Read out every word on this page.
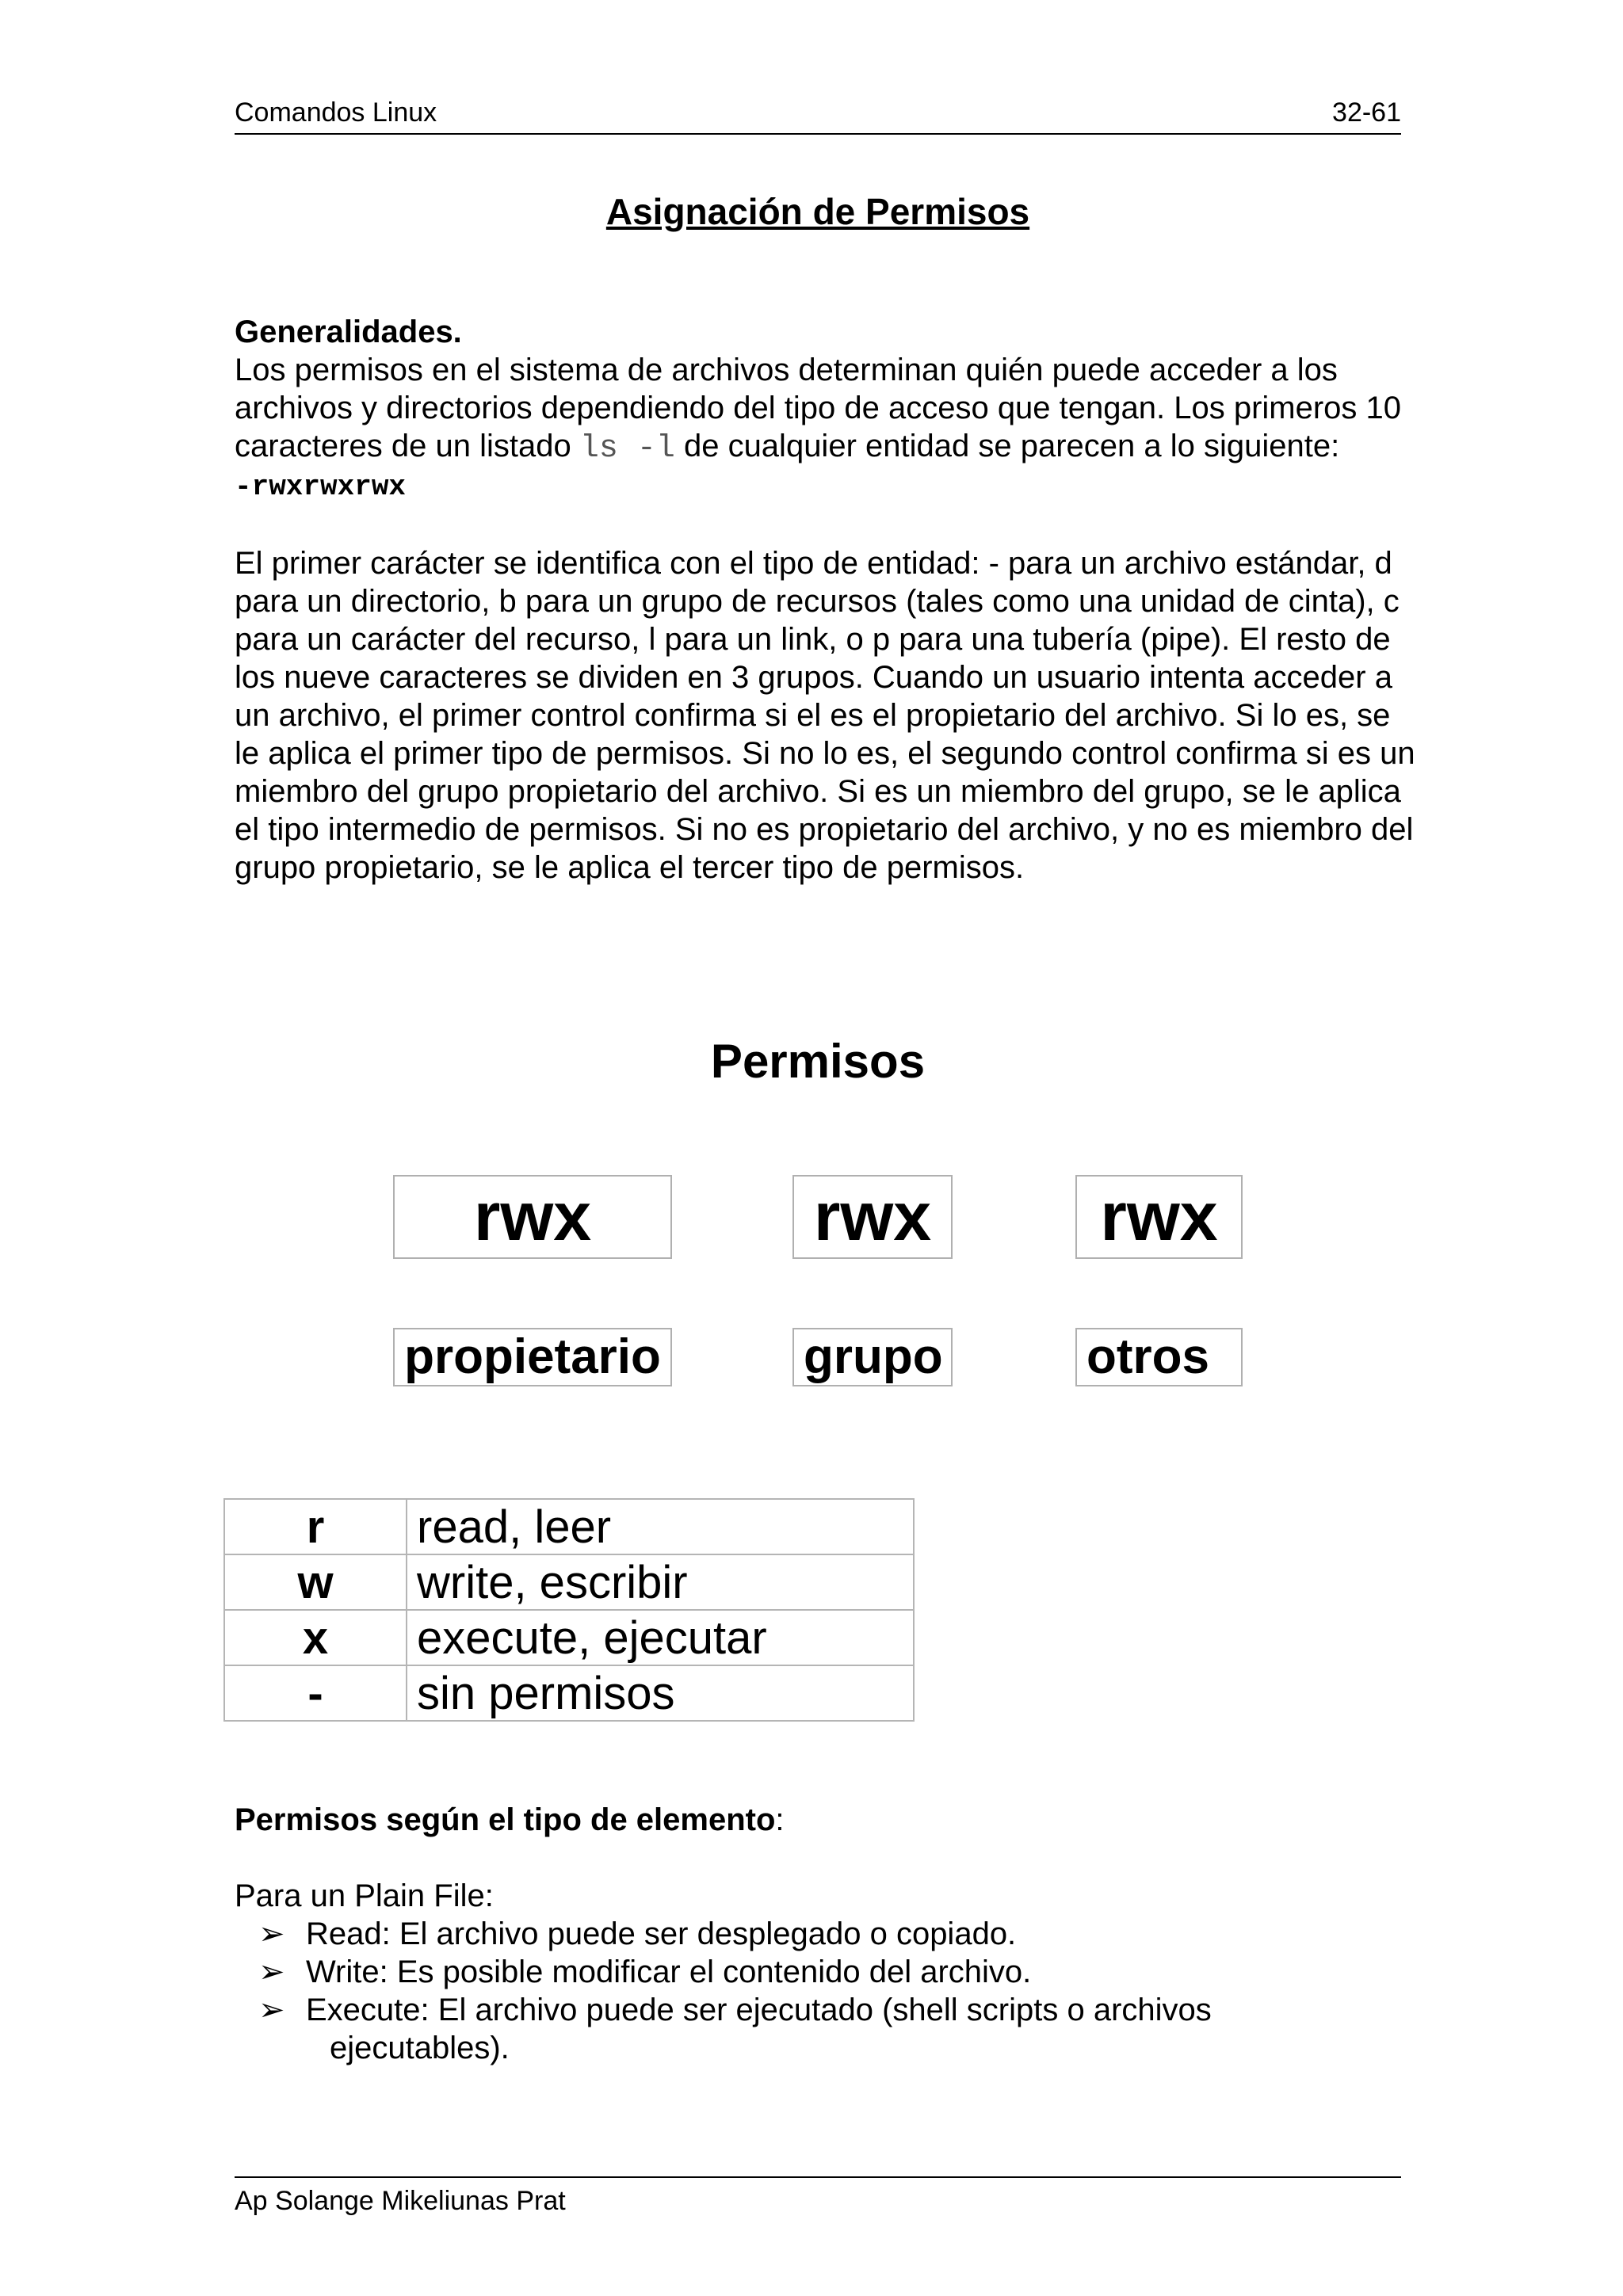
Comandos Linux	32-61
Asignación de Permisos

Generalidades.

Los permisos en el sistema de archivos determinan quién puede acceder a los archivos y directorios dependiendo del tipo de acceso que tengan. Los primeros 10 caracteres de un listado ls -l de cualquier entidad se parecen a lo siguiente:

-rwxrwxrwx

El primer carácter se identifica con el tipo de entidad: - para un archivo estándar, d para un directorio, b para un grupo de recursos (tales como una unidad de cinta), c para un carácter del recurso, l para un link, o p para una tubería (pipe). El resto de los nueve caracteres se dividen en 3 grupos. Cuando un usuario intenta acceder a un archivo, el primer control confirma si el es el propietario del archivo. Si lo es, se le aplica el primer tipo de permisos. Si no lo es, el segundo control confirma si es un miembro del grupo propietario del archivo. Si es un miembro del grupo, se le aplica el tipo intermedio de permisos. Si no es propietario del archivo, y no es miembro del grupo propietario, se le aplica el tercer tipo de permisos.

Permisos
rwx	rwx	rwx
propietario	grupo	otros
r	read, leer
w	write, escribir
x	execute, ejecutar
-	sin permisos

Permisos según el tipo de elemento:

Para un Plain File:

➢ Read: El archivo puede ser desplegado o copiado.
➢ Write: Es posible modificar el contenido del archivo.
➢ Execute: El archivo puede ser ejecutado (shell scripts o archivos
ejecutables).
Ap Solange Mikeliunas Prat
